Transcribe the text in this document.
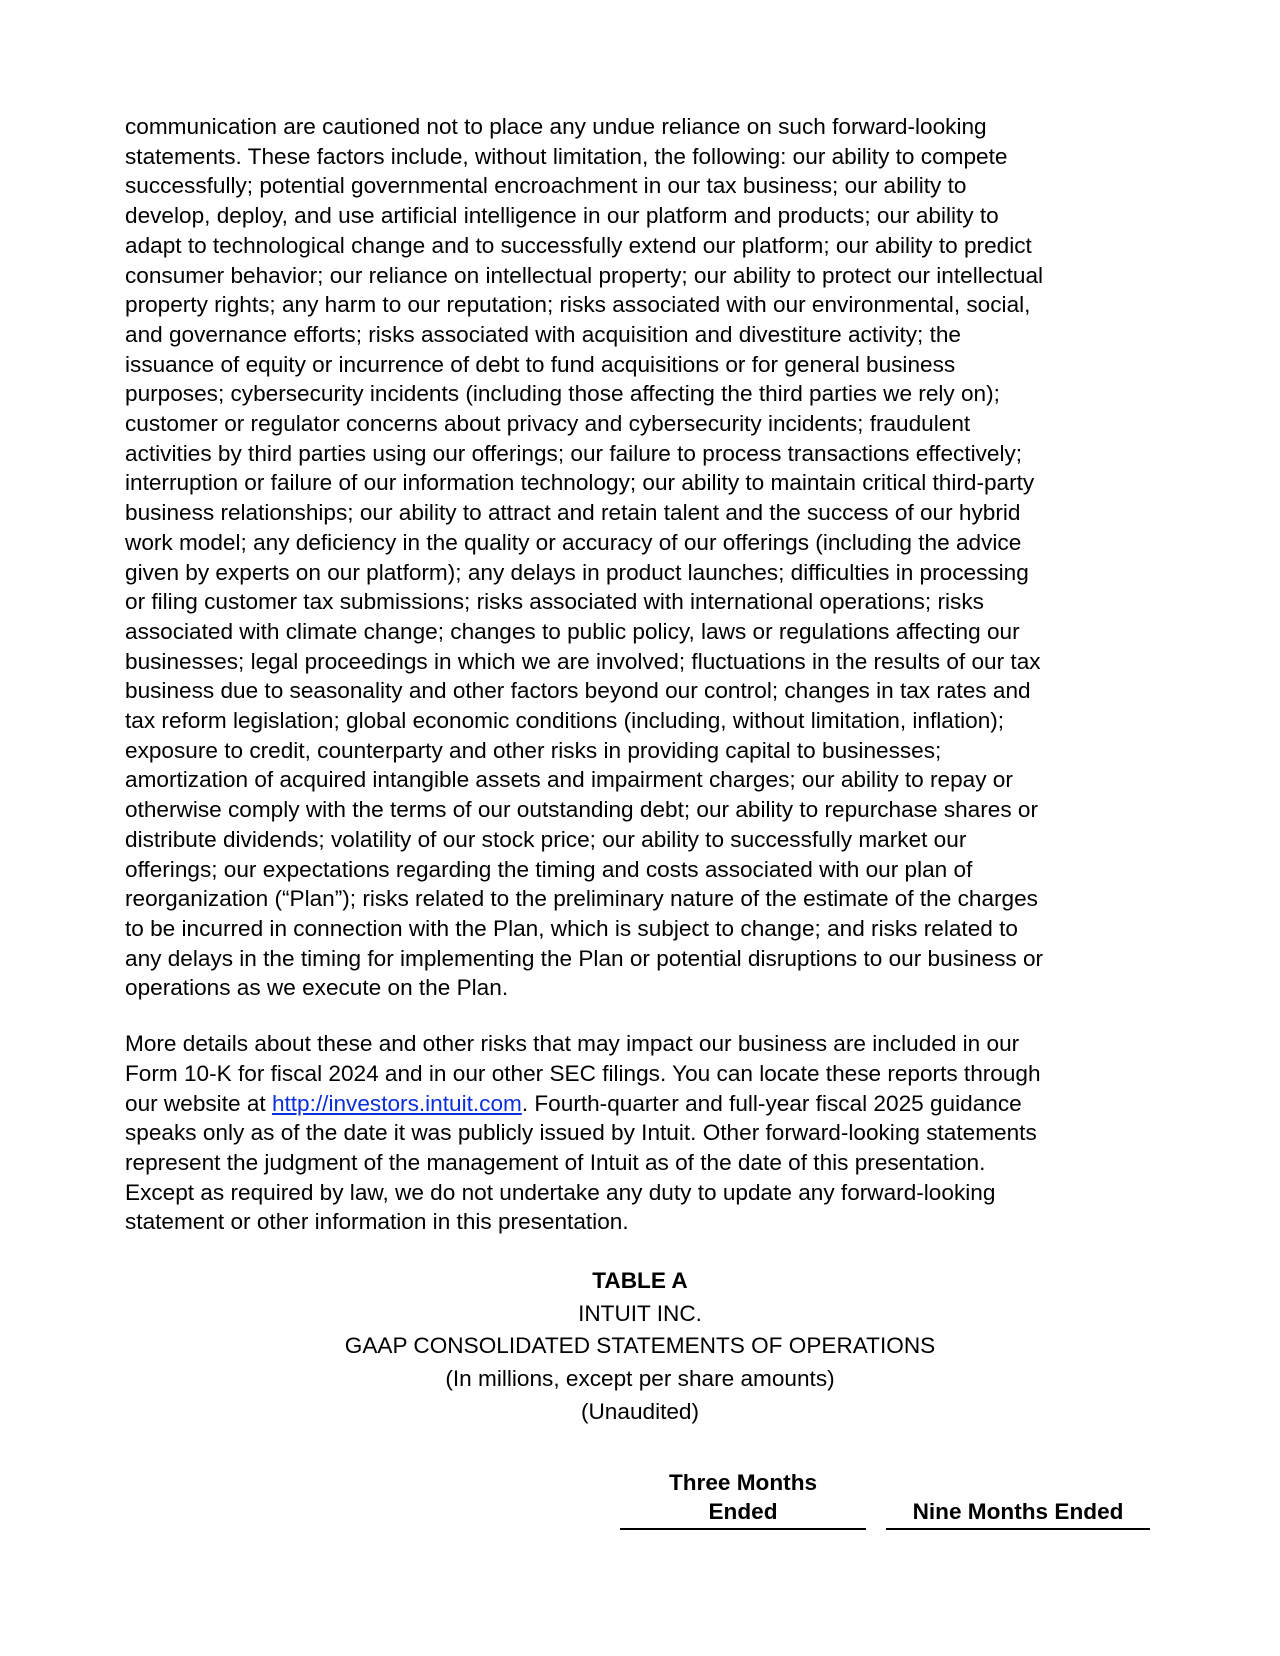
communication are cautioned not to place any undue reliance on such forward-looking
statements. These factors include, without limitation, the following: our ability to compete
successfully; potential governmental encroachment in our tax business; our ability to
develop, deploy, and use artificial intelligence in our platform and products; our ability to
adapt to technological change and to successfully extend our platform; our ability to predict
consumer behavior; our reliance on intellectual property; our ability to protect our intellectual
property rights; any harm to our reputation; risks associated with our environmental, social,
and governance efforts; risks associated with acquisition and divestiture activity; the
issuance of equity or incurrence of debt to fund acquisitions or for general business
purposes; cybersecurity incidents (including those affecting the third parties we rely on);
customer or regulator concerns about privacy and cybersecurity incidents; fraudulent
activities by third parties using our offerings; our failure to process transactions effectively;
interruption or failure of our information technology; our ability to maintain critical third-party
business relationships; our ability to attract and retain talent and the success of our hybrid
work model; any deficiency in the quality or accuracy of our offerings (including the advice
given by experts on our platform); any delays in product launches; difficulties in processing
or filing customer tax submissions; risks associated with international operations; risks
associated with climate change; changes to public policy, laws or regulations affecting our
businesses; legal proceedings in which we are involved; fluctuations in the results of our tax
business due to seasonality and other factors beyond our control; changes in tax rates and
tax reform legislation; global economic conditions (including, without limitation, inflation);
exposure to credit, counterparty and other risks in providing capital to businesses;
amortization of acquired intangible assets and impairment charges; our ability to repay or
otherwise comply with the terms of our outstanding debt; our ability to repurchase shares or
distribute dividends; volatility of our stock price; our ability to successfully market our
offerings; our expectations regarding the timing and costs associated with our plan of
reorganization (“Plan”); risks related to the preliminary nature of the estimate of the charges
to be incurred in connection with the Plan, which is subject to change; and risks related to
any delays in the timing for implementing the Plan or potential disruptions to our business or
operations as we execute on the Plan.

More details about these and other risks that may impact our business are included in our
Form 10-K for fiscal 2024 and in our other SEC filings. You can locate these reports through
our website at http://investors.intuit.com. Fourth-quarter and full-year fiscal 2025 guidance
speaks only as of the date it was publicly issued by Intuit. Other forward-looking statements
represent the judgment of the management of Intuit as of the date of this presentation.
Except as required by law, we do not undertake any duty to update any forward-looking
statement or other information in this presentation.

TABLE A
INTUIT INC.
GAAP CONSOLIDATED STATEMENTS OF OPERATIONS
(In millions, except per share amounts)
(Unaudited)
Three Months
Ended	Nine Months Ended
